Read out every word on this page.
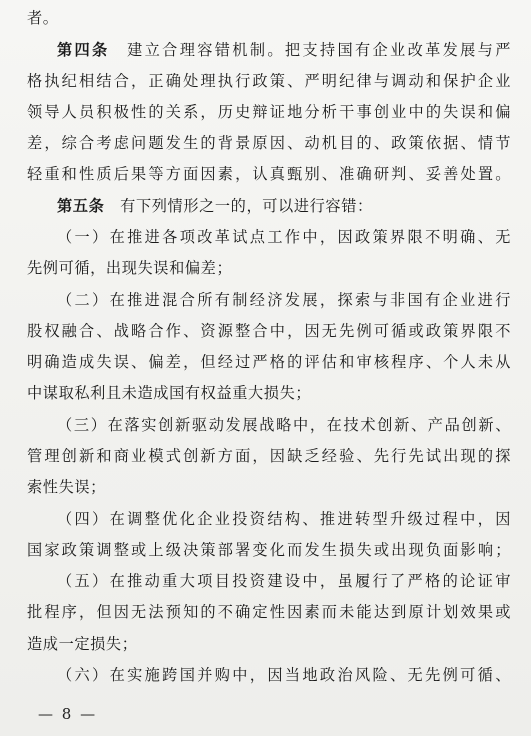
者。
第四条　 建立合理容错机制。把支持国有企业改革发展与严
格执纪相结合，正确处理执行政策、严明纪律与调动和保护企业
领导人员积极性的关系，历史辩证地分析干事创业中的失误和偏
差，综合考虑问题发生的背景原因、动机目的、政策依据、情节
轻重和性质后果等方面因素，认真甄别、准确研判、妥善处置。
第五条　 有下列情形之一的，可以进行容错：
（一）在推进各项改革试点工作中，因政策界限不明确、无
先例可循，出现失误和偏差；
（二）在推进混合所有制经济发展，探索与非国有企业进行
股权融合、战略合作、资源整合中，因无先例可循或政策界限不
明确造成失误、偏差，但经过严格的评估和审核程序、个人未从
中谋取私利且未造成国有权益重大损失；
（三）在落实创新驱动发展战略中，在技术创新、产品创新、
管理创新和商业模式创新方面，因缺乏经验、先行先试出现的探
索性失误；
（四）在调整优化企业投资结构、推进转型升级过程中，因
国家政策调整或上级决策部署变化而发生损失或出现负面影响；
（五）在推动重大项目投资建设中，虽履行了严格的论证审
批程序，但因无法预知的不确定性因素而未能达到原计划效果或
造成一定损失；
（六）在实施跨国并购中，因当地政治风险、无先例可循、
— 8 —
